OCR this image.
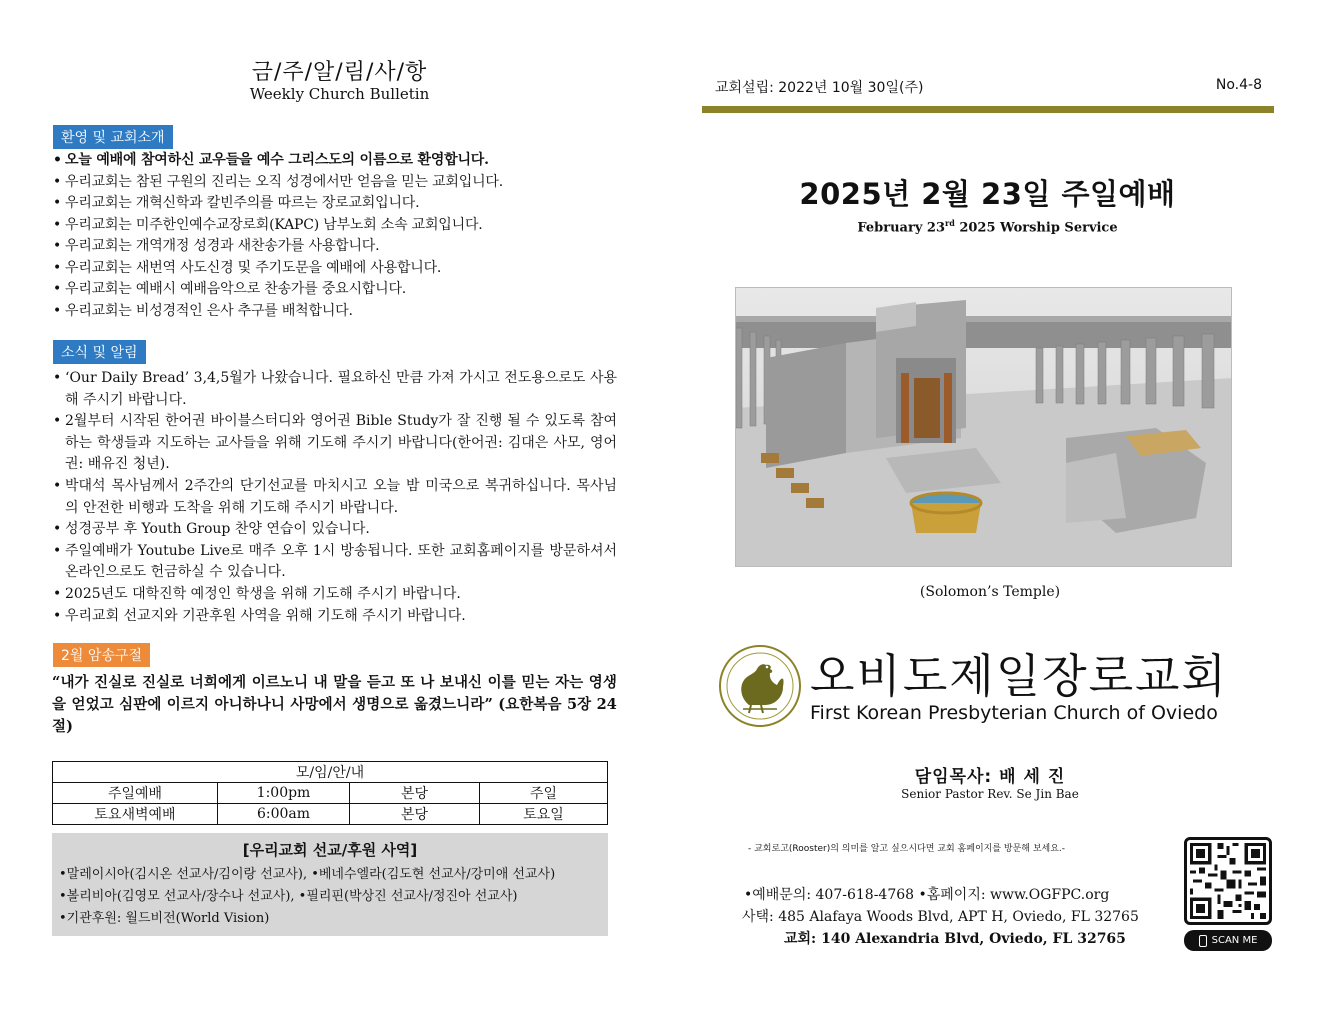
금/주/알/림/사/항
Weekly Church Bulletin
환영 및 교회소개
• 오늘 예배에 참여하신 교우들을 예수 그리스도의 이름으로 환영합니다.
• 우리교회는 참된 구원의 진리는 오직 성경에서만 얻음을 믿는 교회입니다.
• 우리교회는 개혁신학과 칼빈주의를 따르는 장로교회입니다.
• 우리교회는 미주한인예수교장로회(KAPC) 남부노회 소속 교회입니다.
• 우리교회는 개역개정 성경과 새찬송가를 사용합니다.
• 우리교회는 새번역 사도신경 및 주기도문을 예배에 사용합니다.
• 우리교회는 예배시 예배음악으로 찬송가를 중요시합니다.
• 우리교회는 비성경적인 은사 추구를 배척합니다.
소식 및 알림
• ‘Our Daily Bread’ 3,4,5월가 나왔습니다. 필요하신 만큼 가져 가시고 전도용으로도 사용해 주시기 바랍니다.
• 2월부터 시작된 한어권 바이블스터디와 영어권 Bible Study가 잘 진행 될 수 있도록 참여하는 학생들과 지도하는 교사들을 위해 기도해 주시기 바랍니다(한어권: 김대은 사모, 영어권: 배유진 청년).
• 박대석 목사님께서 2주간의 단기선교를 마치시고 오늘 밤 미국으로 복귀하십니다. 목사님의 안전한 비행과 도착을 위해 기도해 주시기 바랍니다.
• 성경공부 후 Youth Group 찬양 연습이 있습니다.
• 주일예배가 Youtube Live로 매주 오후 1시 방송됩니다. 또한 교회홈페이지를 방문하셔서 온라인으로도 헌금하실 수 있습니다.
• 2025년도 대학진학 예정인 학생을 위해 기도해 주시기 바랍니다.
• 우리교회 선교지와 기관후원 사역을 위해 기도해 주시기 바랍니다.
2월 암송구절
“내가 진실로 진실로 너희에게 이르노니 내 말을 듣고 또 나 보내신 이를 믿는 자는 영생을 얻었고 심판에 이르지 아니하나니 사망에서 생명으로 옮겼느니라” (요한복음 5장 24절)
모/임/안/내			
주일예배	1:00pm	본당	주일
토요새벽예배	6:00am	본당	토요일
[우리교회 선교/후원 사역]
•말레이시아(김시온 선교사/김이랑 선교사), •베네수엘라(김도현 선교사/강미애 선교사)
•볼리비아(김영모 선교사/장수나 선교사), •필리핀(박상진 선교사/정진아 선교사)
•기관후원: 월드비전(World Vision)
교회설립: 2022년 10월 30일(주)	No.4-8
2025년 2월 23일 주일예배
February 23rd 2025 Worship Service
(Solomon’s Temple)
오비도제일장로교회
First Korean Presbyterian Church of Oviedo
담임목사: 배 세 진
Senior Pastor Rev. Se Jin Bae
- 교회로고(Rooster)의 의미를 알고 싶으시다면 교회 홈페이지를 방문해 보세요.-
•예배문의: 407-618-4768 •홈페이지: www.OGFPC.org
사택: 485 Alafaya Woods Blvd, APT H, Oviedo, FL 32765
교회: 140 Alexandria Blvd, Oviedo, FL 32765	SCAN ME
